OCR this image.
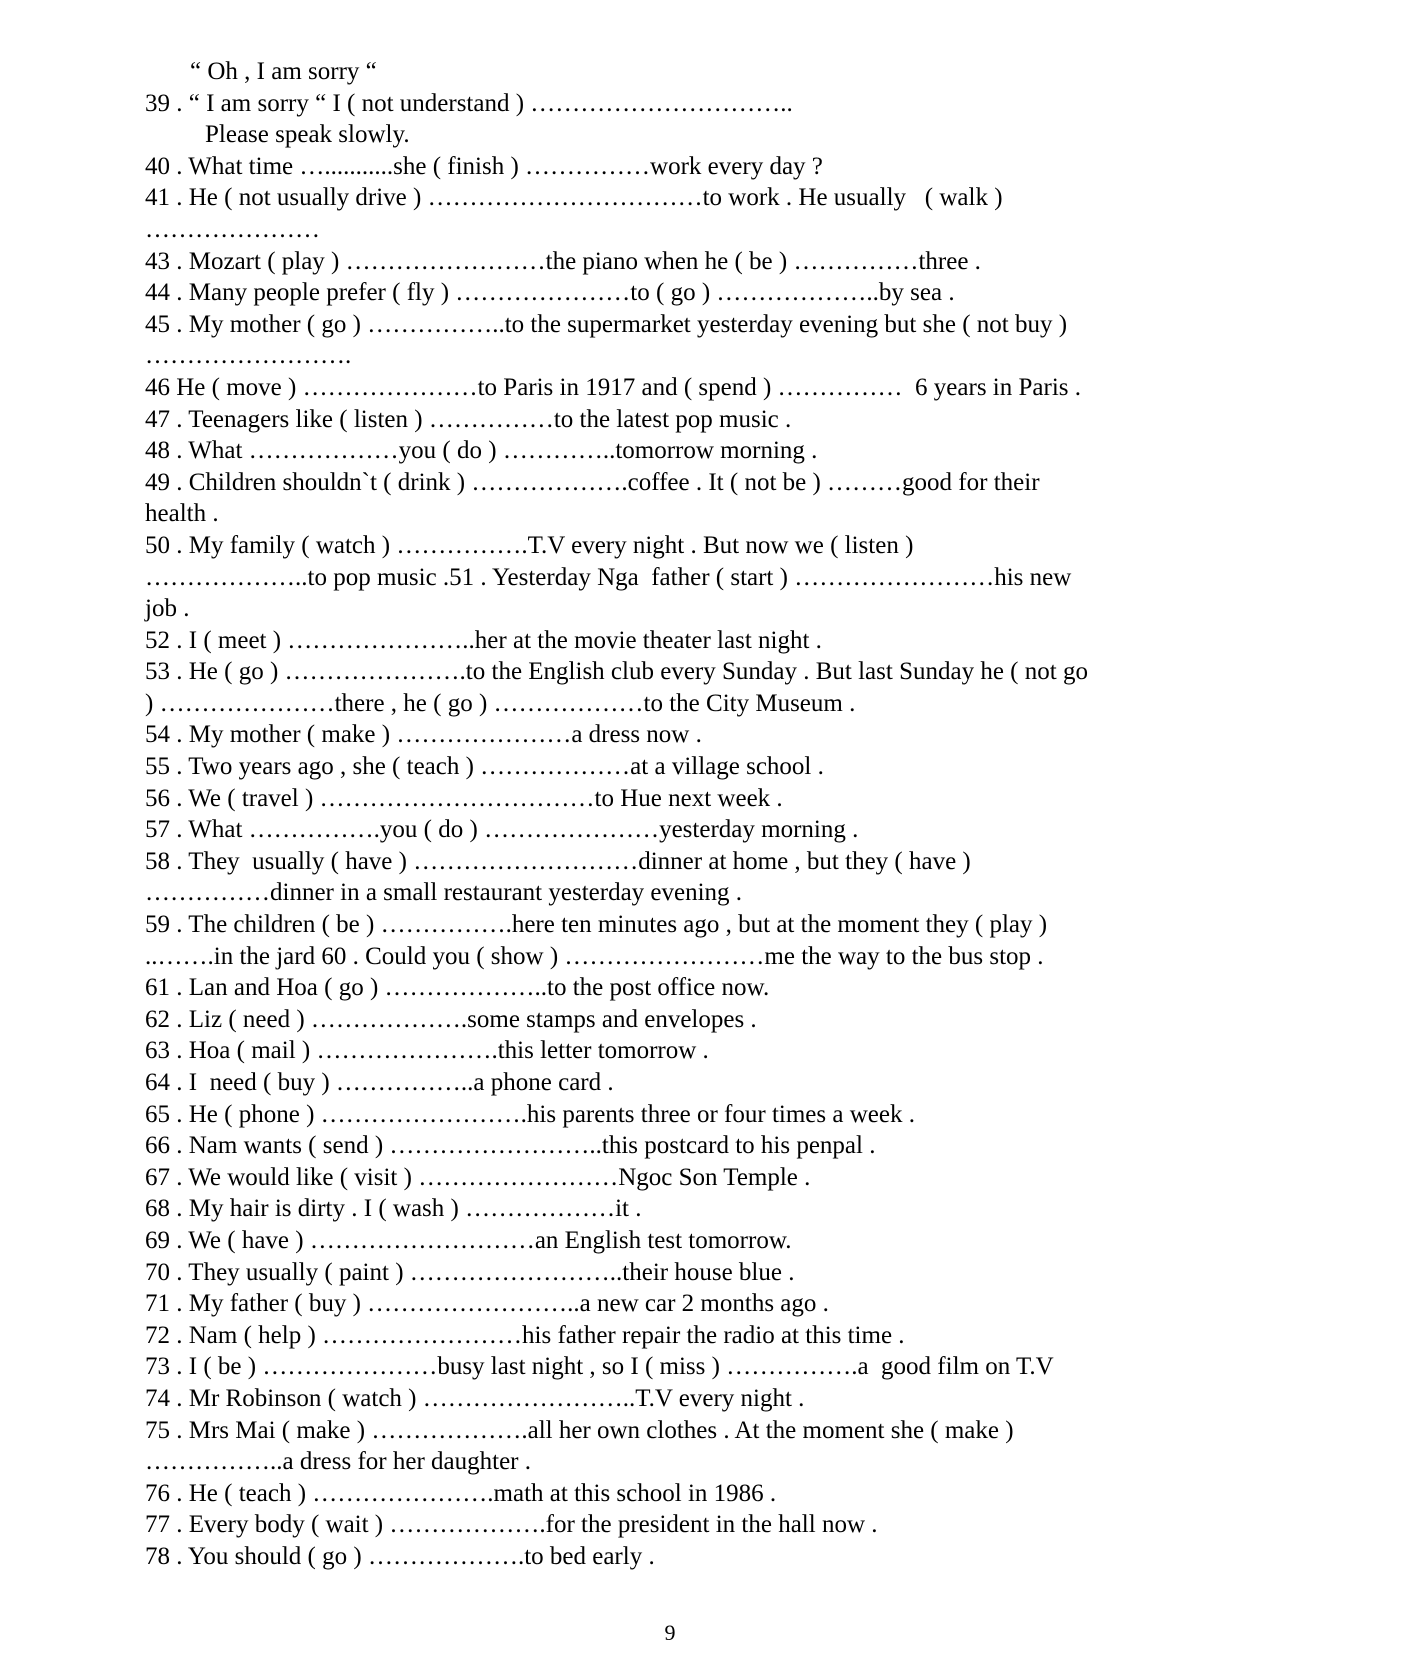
“ Oh , I am sorry “
39 . “ I am sorry “ I ( not understand ) …………………………..
Please speak slowly.
40 . What time …...........she ( finish ) ……………work every day ?
41 . He ( not usually drive ) ……………………………to work . He usually   ( walk )
…………………
43 . Mozart ( play ) ……………………the piano when he ( be ) ……………three .
44 . Many people prefer ( fly ) …………………to ( go ) ………………..by sea .
45 . My mother ( go ) ……………..to the supermarket yesterday evening but she ( not buy )
…………………….
46 He ( move ) …………………to Paris in 1917 and ( spend ) ……………  6 years in Paris .
47 . Teenagers like ( listen ) ……………to the latest pop music .
48 . What ………………you ( do ) …………..tomorrow morning .
49 . Children shouldn`t ( drink ) ……………….coffee . It ( not be ) ………good for their
health .
50 . My family ( watch ) …………….T.V every night . But now we ( listen )
………………..to pop music .51 . Yesterday Nga  father ( start ) ……………………his new
job .
52 . I ( meet ) …………………..her at the movie theater last night .
53 . He ( go ) ………………….to the English club every Sunday . But last Sunday he ( not go
) …………………there , he ( go ) ………………to the City Museum .
54 . My mother ( make ) …………………a dress now .
55 . Two years ago , she ( teach ) ………………at a village school .
56 . We ( travel ) ……………………………to Hue next week .
57 . What …………….you ( do ) …………………yesterday morning .
58 . They  usually ( have ) ………………………dinner at home , but they ( have )
……………dinner in a small restaurant yesterday evening .
59 . The children ( be ) …………….here ten minutes ago , but at the moment they ( play )
..…….in the jard 60 . Could you ( show ) ……………………me the way to the bus stop .
61 . Lan and Hoa ( go ) ………………..to the post office now.
62 . Liz ( need ) ……………….some stamps and envelopes .
63 . Hoa ( mail ) ………………….this letter tomorrow .
64 . I  need ( buy ) ……………..a phone card .
65 . He ( phone ) …………………….his parents three or four times a week .
66 . Nam wants ( send ) ……………………..this postcard to his penpal .
67 . We would like ( visit ) ……………………Ngoc Son Temple .
68 . My hair is dirty . I ( wash ) ………………it .
69 . We ( have ) ………………………an English test tomorrow.
70 . They usually ( paint ) ……………………..their house blue .
71 . My father ( buy ) ……………………..a new car 2 months ago .
72 . Nam ( help ) ……………………his father repair the radio at this time .
73 . I ( be ) …………………busy last night , so I ( miss ) …………….a  good film on T.V
74 . Mr Robinson ( watch ) ……………………..T.V every night .
75 . Mrs Mai ( make ) ……………….all her own clothes . At the moment she ( make )
……………..a dress for her daughter .
76 . He ( teach ) ………………….math at this school in 1986 .
77 . Every body ( wait ) ……………….for the president in the hall now .
78 . You should ( go ) ……………….to bed early .
9
